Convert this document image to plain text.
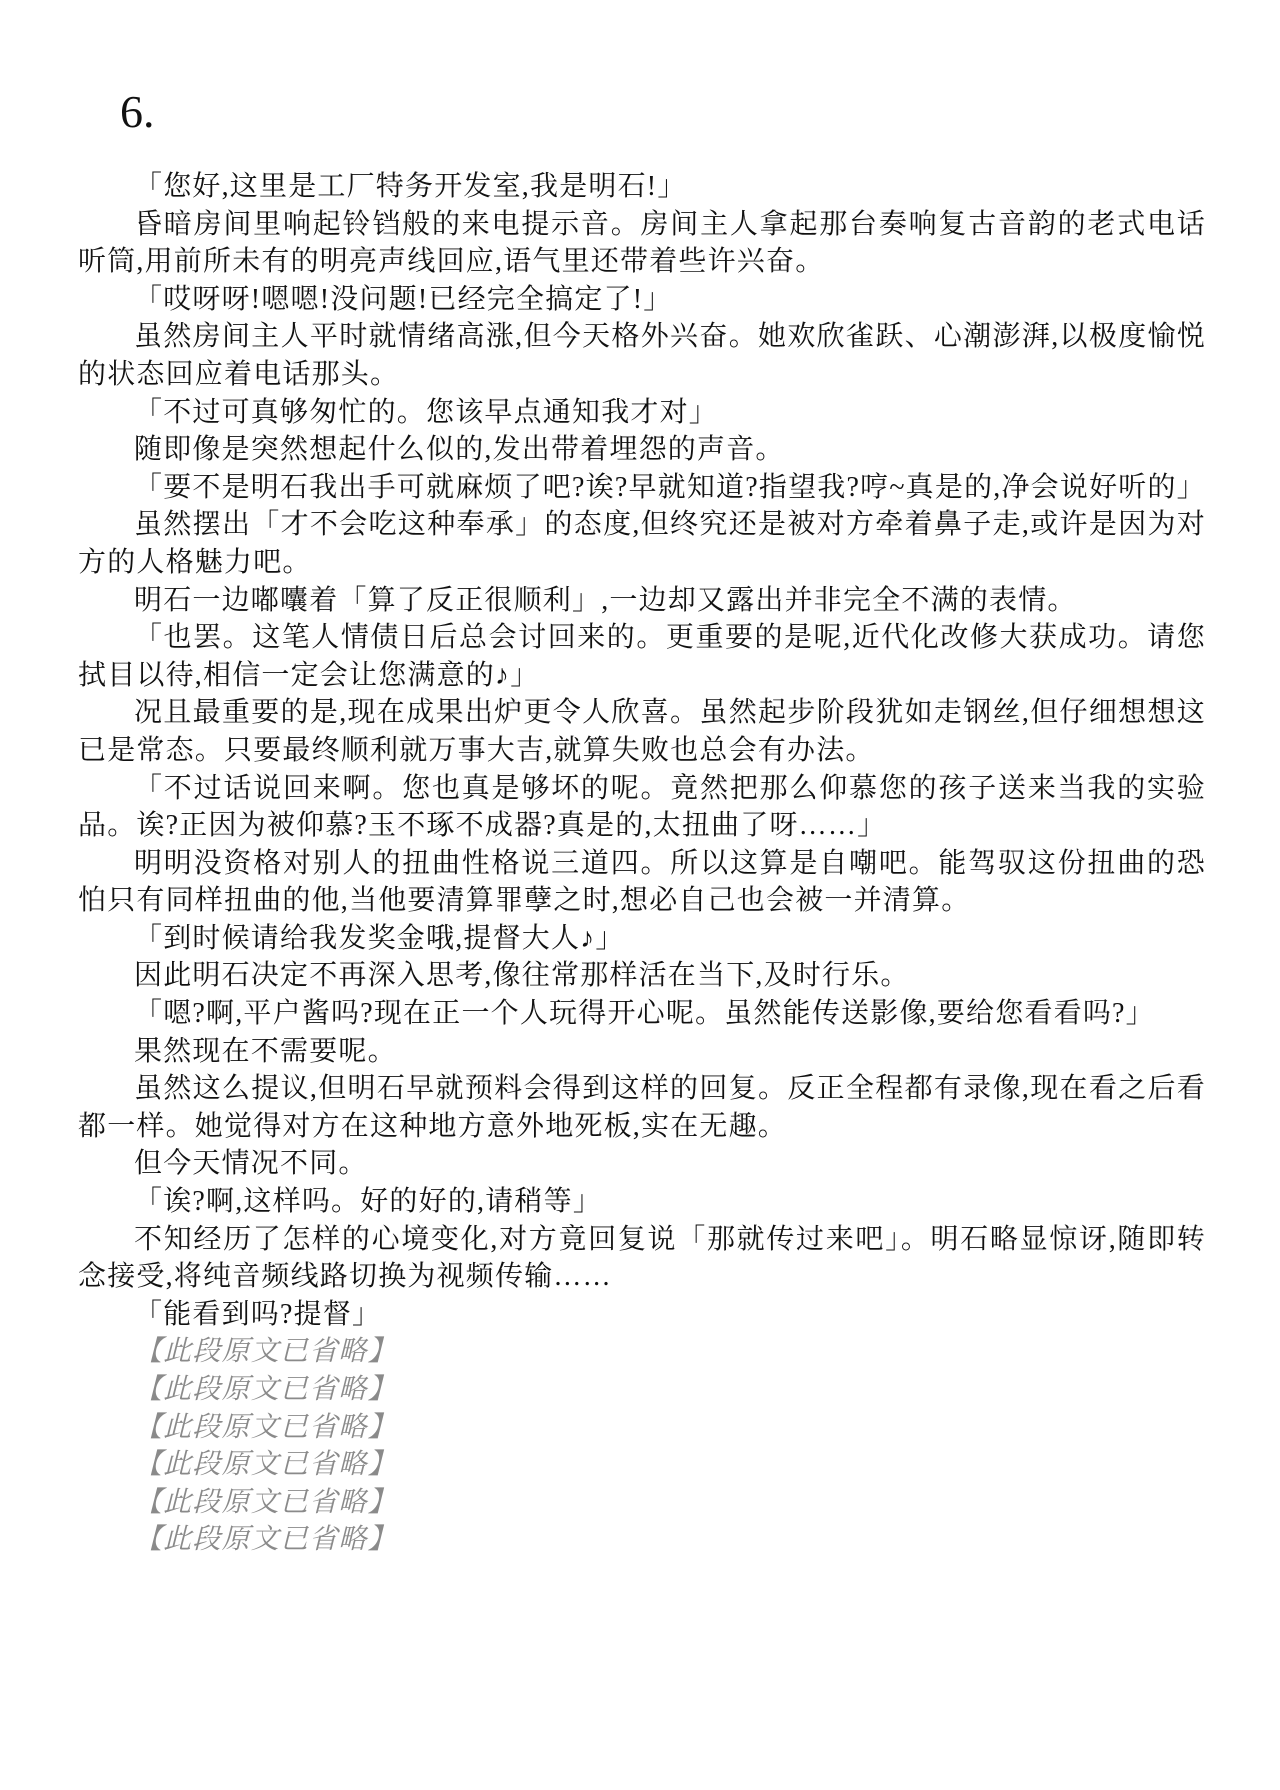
6.

「您好,这里是工厂特务开发室,我是明石!」

昏暗房间里响起铃铛般的来电提示音。房间主人拿起那台奏响复古音韵的老式电话听筒,用前所未有的明亮声线回应,语气里还带着些许兴奋。

「哎呀呀!嗯嗯!没问题!已经完全搞定了!」

虽然房间主人平时就情绪高涨,但今天格外兴奋。她欢欣雀跃、心潮澎湃,以极度愉悦的状态回应着电话那头。

「不过可真够匆忙的。您该早点通知我才对」

随即像是突然想起什么似的,发出带着埋怨的声音。

「要不是明石我出手可就麻烦了吧?诶?早就知道?指望我?哼~真是的,净会说好听的」

虽然摆出「才不会吃这种奉承」的态度,但终究还是被对方牵着鼻子走,或许是因为对方的人格魅力吧。

明石一边嘟囔着「算了反正很顺利」,一边却又露出并非完全不满的表情。

「也罢。这笔人情债日后总会讨回来的。更重要的是呢,近代化改修大获成功。请您拭目以待,相信一定会让您满意的♪」

况且最重要的是,现在成果出炉更令人欣喜。虽然起步阶段犹如走钢丝,但仔细想想这已是常态。只要最终顺利就万事大吉,就算失败也总会有办法。

「不过话说回来啊。您也真是够坏的呢。竟然把那么仰慕您的孩子送来当我的实验品。诶?正因为被仰慕?玉不琢不成器?真是的,太扭曲了呀……」

明明没资格对别人的扭曲性格说三道四。所以这算是自嘲吧。能驾驭这份扭曲的恐怕只有同样扭曲的他,当他要清算罪孽之时,想必自己也会被一并清算。

「到时候请给我发奖金哦,提督大人♪」

因此明石决定不再深入思考,像往常那样活在当下,及时行乐。

「嗯?啊,平户酱吗?现在正一个人玩得开心呢。虽然能传送影像,要给您看看吗?」

果然现在不需要呢。

虽然这么提议,但明石早就预料会得到这样的回复。反正全程都有录像,现在看之后看都一样。她觉得对方在这种地方意外地死板,实在无趣。

但今天情况不同。

「诶?啊,这样吗。好的好的,请稍等」

不知经历了怎样的心境变化,对方竟回复说「那就传过来吧」。明石略显惊讶,随即转念接受,将纯音频线路切换为视频传输……

「能看到吗?提督」

【此段原文已省略】

【此段原文已省略】

【此段原文已省略】

【此段原文已省略】

【此段原文已省略】

【此段原文已省略】
